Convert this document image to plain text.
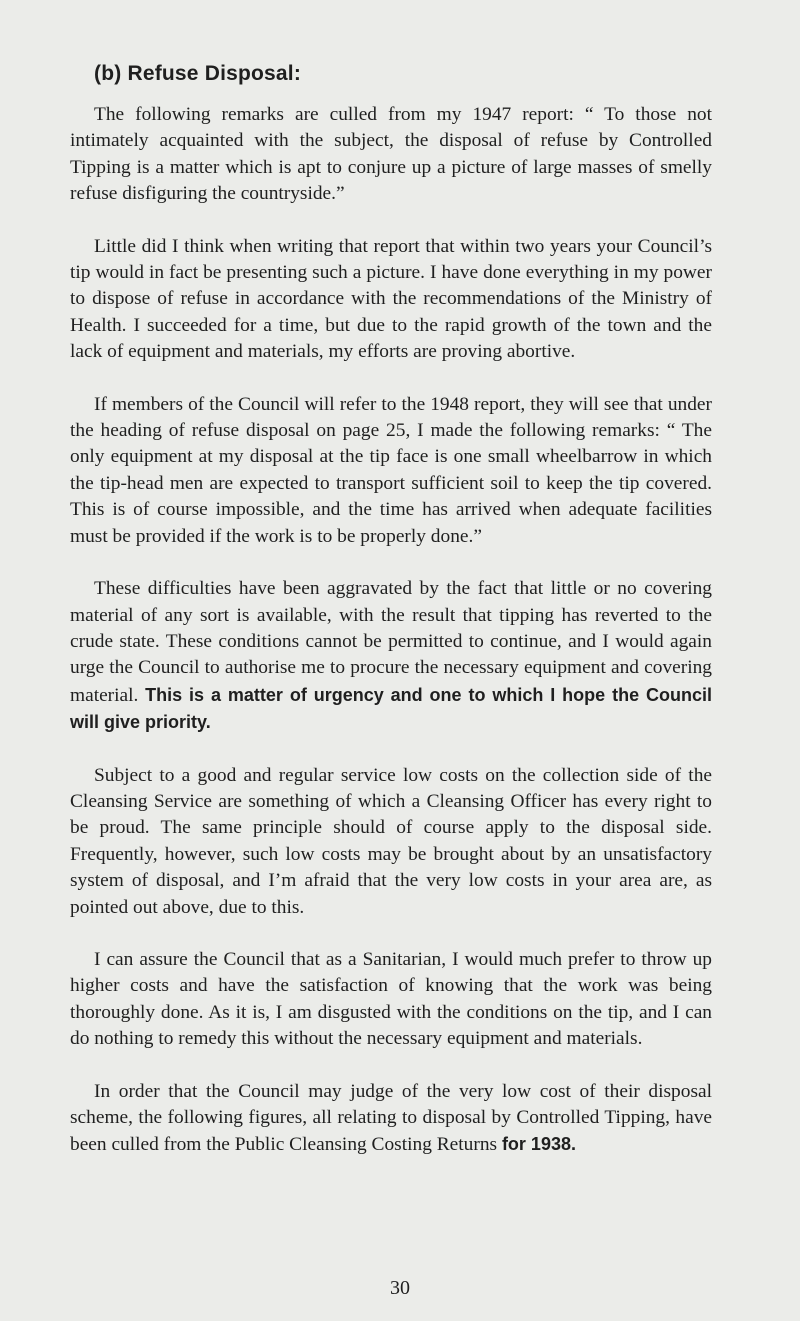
(b) Refuse Disposal:

The following remarks are culled from my 1947 report: “ To those not intimately acquainted with the subject, the disposal of refuse by Controlled Tipping is a matter which is apt to conjure up a picture of large masses of smelly refuse disfiguring the countryside.”

Little did I think when writing that report that within two years your Council’s tip would in fact be presenting such a picture. I have done everything in my power to dispose of refuse in accordance with the recommendations of the Ministry of Health. I succeeded for a time, but due to the rapid growth of the town and the lack of equipment and materials, my efforts are proving abortive.

If members of the Council will refer to the 1948 report, they will see that under the heading of refuse disposal on page 25, I made the following remarks: “ The only equipment at my disposal at the tip face is one small wheelbarrow in which the tip-head men are expected to transport sufficient soil to keep the tip covered. This is of course impossible, and the time has arrived when adequate facilities must be provided if the work is to be properly done.”

These difficulties have been aggravated by the fact that little or no covering material of any sort is available, with the result that tipping has reverted to the crude state. These conditions cannot be permitted to continue, and I would again urge the Council to authorise me to procure the necessary equipment and covering material. This is a matter of urgency and one to which I hope the Council will give priority.

Subject to a good and regular service low costs on the collection side of the Cleansing Service are something of which a Cleansing Officer has every right to be proud. The same principle should of course apply to the disposal side. Frequently, however, such low costs may be brought about by an unsatisfactory system of disposal, and I’m afraid that the very low costs in your area are, as pointed out above, due to this.

I can assure the Council that as a Sanitarian, I would much prefer to throw up higher costs and have the satisfaction of knowing that the work was being thoroughly done. As it is, I am disgusted with the conditions on the tip, and I can do nothing to remedy this without the necessary equipment and materials.

In order that the Council may judge of the very low cost of their disposal scheme, the following figures, all relating to disposal by Controlled Tipping, have been culled from the Public Cleansing Costing Returns for 1938.

30
